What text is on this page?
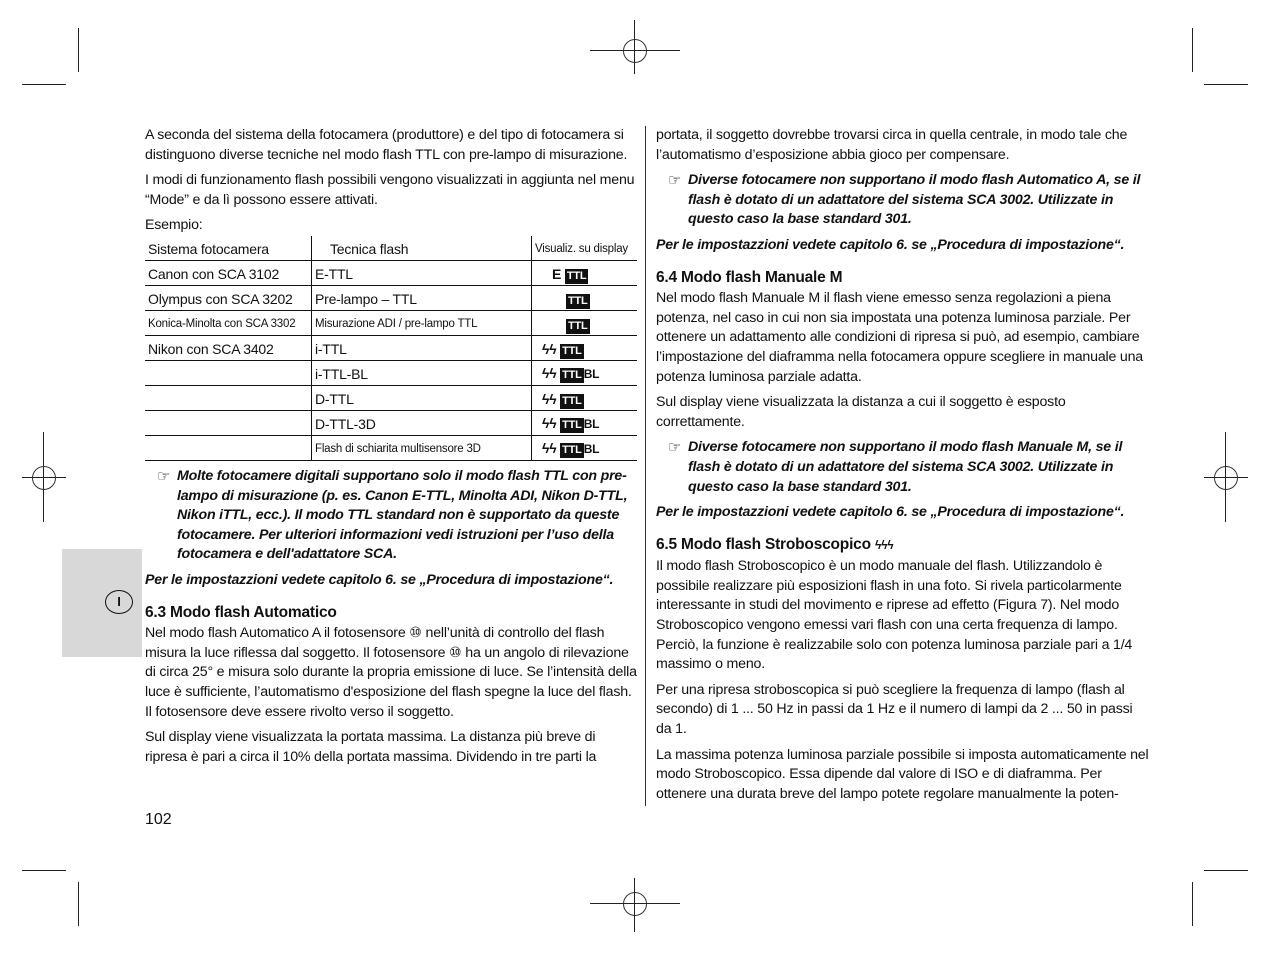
I

A seconda del sistema della fotocamera (produttore) e del tipo di fotocamera si distinguono diverse tecniche nel modo flash TTL con pre-lampo di misurazione.

I modi di funzionamento flash possibili vengono visualizzati in aggiunta nel menu “Mode” e da lì possono essere attivati.

Esempio:

Sistema fotocamera	Tecnica flash	Visualiz. su display
Canon con SCA 3102	E-TTL	E TTL
Olympus con SCA 3202	Pre-lampo – TTL	TTL
Konica-Minolta con SCA 3302	Misurazione ADI / pre-lampo TTL	TTL
Nikon con SCA 3402	i-TTL	ϟϟ TTL
	i-TTL-BL	ϟϟ TTL BL
	D-TTL	ϟϟ TTL
	D-TTL-3D	ϟϟ TTL BL
	Flash di schiarita multisensore 3D	ϟϟ TTL BL
☞ Molte fotocamere digitali supportano solo il modo flash TTL con pre-lampo di misurazione (p. es. Canon E-TTL, Minolta ADI, Nikon D-TTL, Nikon iTTL, ecc.). Il modo TTL standard non è supportato da queste fotocamere. Per ulteriori informazioni vedi istruzioni per l’uso della fotocamera e dell'adattatore SCA.

Per le impostazzioni vedete capitolo 6. se „Procedura di impostazione“.

6.3 Modo flash Automatico

Nel modo flash Automatico A il fotosensore ⑩ nell’unità di controllo del flash misura la luce riflessa dal soggetto. Il fotosensore ⑩ ha un angolo di rilevazione di circa 25° e misura solo durante la propria emissione di luce. Se l’intensità della luce è sufficiente, l’automatismo d'esposizione del flash spegne la luce del flash. Il fotosensore deve essere rivolto verso il soggetto.

Sul display viene visualizzata la portata massima. La distanza più breve di ripresa è pari a circa il 10% della portata massima. Dividendo in tre parti la

portata, il soggetto dovrebbe trovarsi circa in quella centrale, in modo tale che l’automatismo d’esposizione abbia gioco per compensare.

☞ Diverse fotocamere non supportano il modo flash Automatico A, se il flash è dotato di un adattatore del sistema SCA 3002. Utilizzate in questo caso la base standard 301.

Per le impostazzioni vedete capitolo 6. se „Procedura di impostazione“.

6.4 Modo flash Manuale M

Nel modo flash Manuale M il flash viene emesso senza regolazioni a piena potenza, nel caso in cui non sia impostata una potenza luminosa parziale. Per ottenere un adattamento alle condizioni di ripresa si può, ad esempio, cambiare l’impostazione del diaframma nella fotocamera oppure scegliere in manuale una potenza luminosa parziale adatta.

Sul display viene visualizzata la distanza a cui il soggetto è esposto correttamente.

☞ Diverse fotocamere non supportano il modo flash Manuale M, se il flash è dotato di un adattatore del sistema SCA 3002. Utilizzate in questo caso la base standard 301.

Per le impostazzioni vedete capitolo 6. se „Procedura di impostazione“.

6.5 Modo flash Stroboscopico ϟϟϟ

Il modo flash Stroboscopico è un modo manuale del flash. Utilizzandolo è possibile realizzare più esposizioni flash in una foto. Si rivela particolarmente interessante in studi del movimento e riprese ad effetto (Figura 7). Nel modo Stroboscopico vengono emessi vari flash con una certa frequenza di lampo. Perciò, la funzione è realizzabile solo con potenza luminosa parziale pari a 1/4 massimo o meno.

Per una ripresa stroboscopica si può scegliere la frequenza di lampo (flash al secondo) di 1 ... 50 Hz in passi da 1 Hz e il numero di lampi da 2 ... 50 in passi da 1.

La massima potenza luminosa parziale possibile si imposta automaticamente nel modo Stroboscopico. Essa dipende dal valore di ISO e di diaframma. Per ottenere una durata breve del lampo potete regolare manualmente la poten-

102
